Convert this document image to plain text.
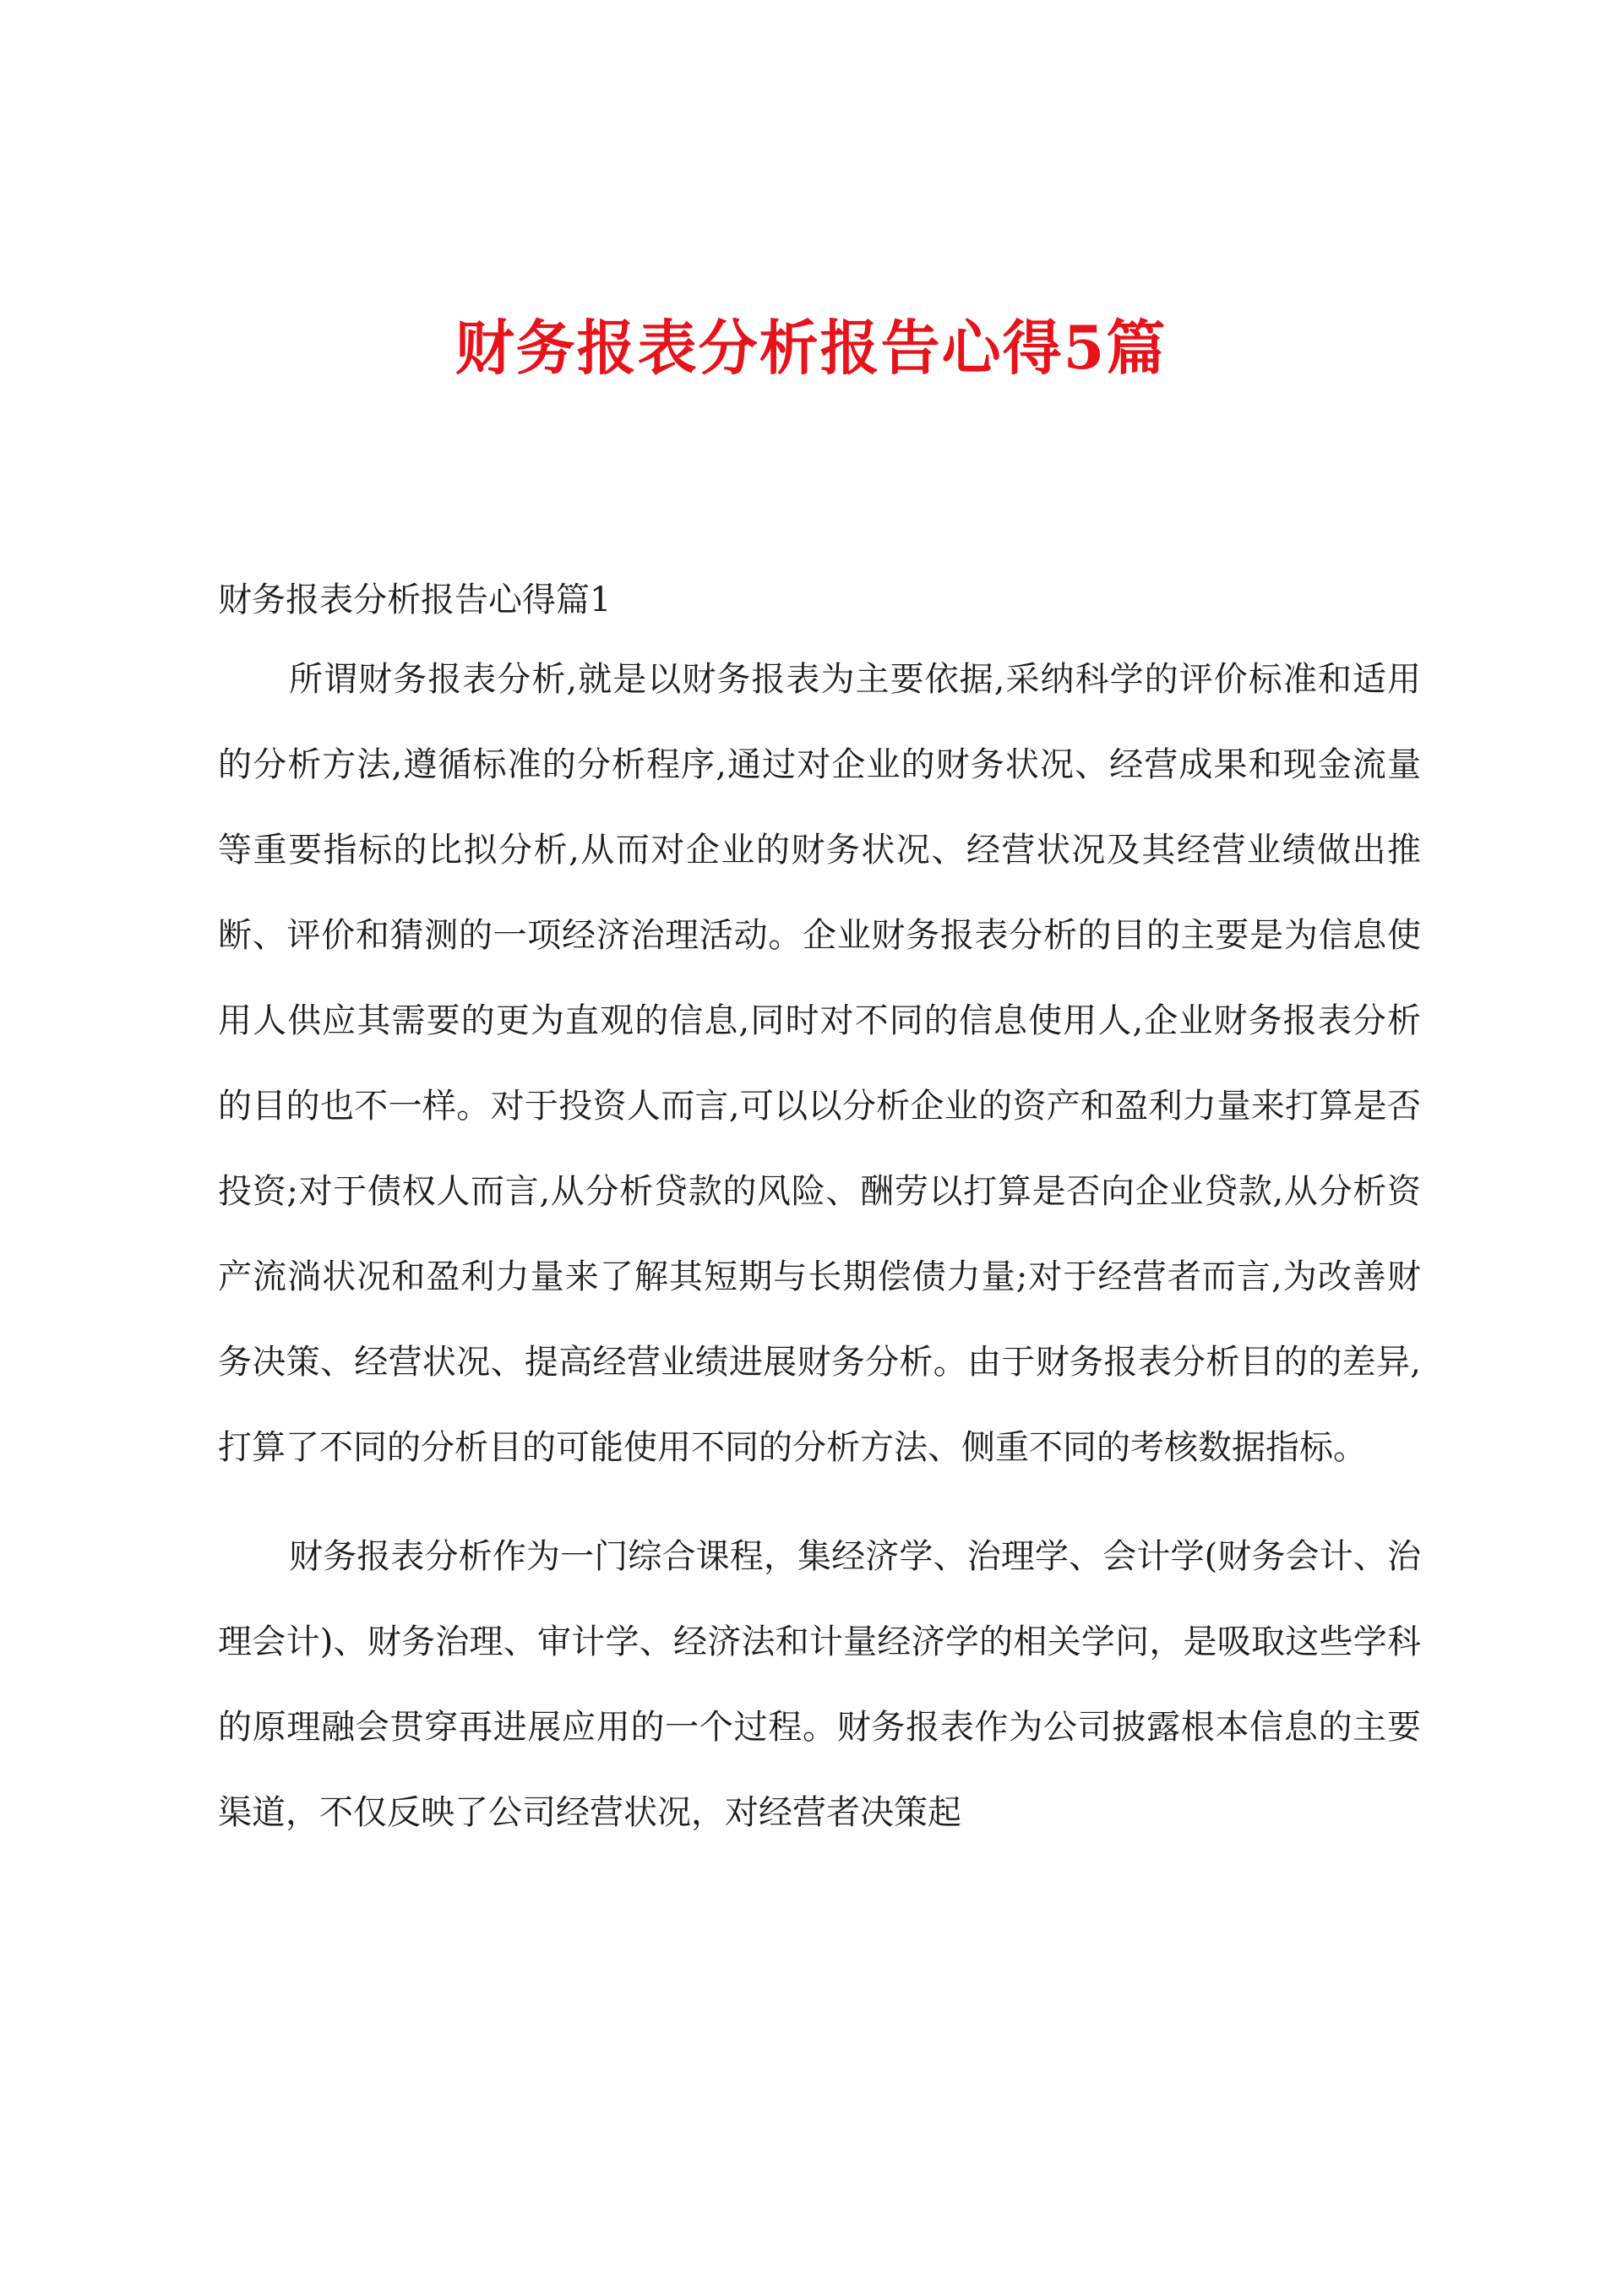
财务报表分析报告心得5篇
财务报表分析报告心得篇1

所谓财务报表分析,就是以财务报表为主要依据,采纳科学的评价标准和适用的分析方法,遵循标准的分析程序,通过对企业的财务状况、经营成果和现金流量等重要指标的比拟分析,从而对企业的财务状况、经营状况及其经营业绩做出推断、评价和猜测的一项经济治理活动。企业财务报表分析的目的主要是为信息使用人供应其需要的更为直观的信息,同时对不同的信息使用人,企业财务报表分析的目的也不一样。对于投资人而言,可以以分析企业的资产和盈利力量来打算是否投资;对于债权人而言,从分析贷款的风险、酬劳以打算是否向企业贷款,从分析资产流淌状况和盈利力量来了解其短期与长期偿债力量;对于经营者而言,为改善财务决策、经营状况、提高经营业绩进展财务分析。由于财务报表分析目的的差异,打算了不同的分析目的可能使用不同的分析方法、侧重不同的考核数据指标。

财务报表分析作为一门综合课程，集经济学、治理学、会计学(财务会计、治理会计)、财务治理、审计学、经济法和计量经济学的相关学问，是吸取这些学科的原理融会贯穿再进展应用的一个过程。财务报表作为公司披露根本信息的主要渠道，不仅反映了公司经营状况，对经营者决策起
